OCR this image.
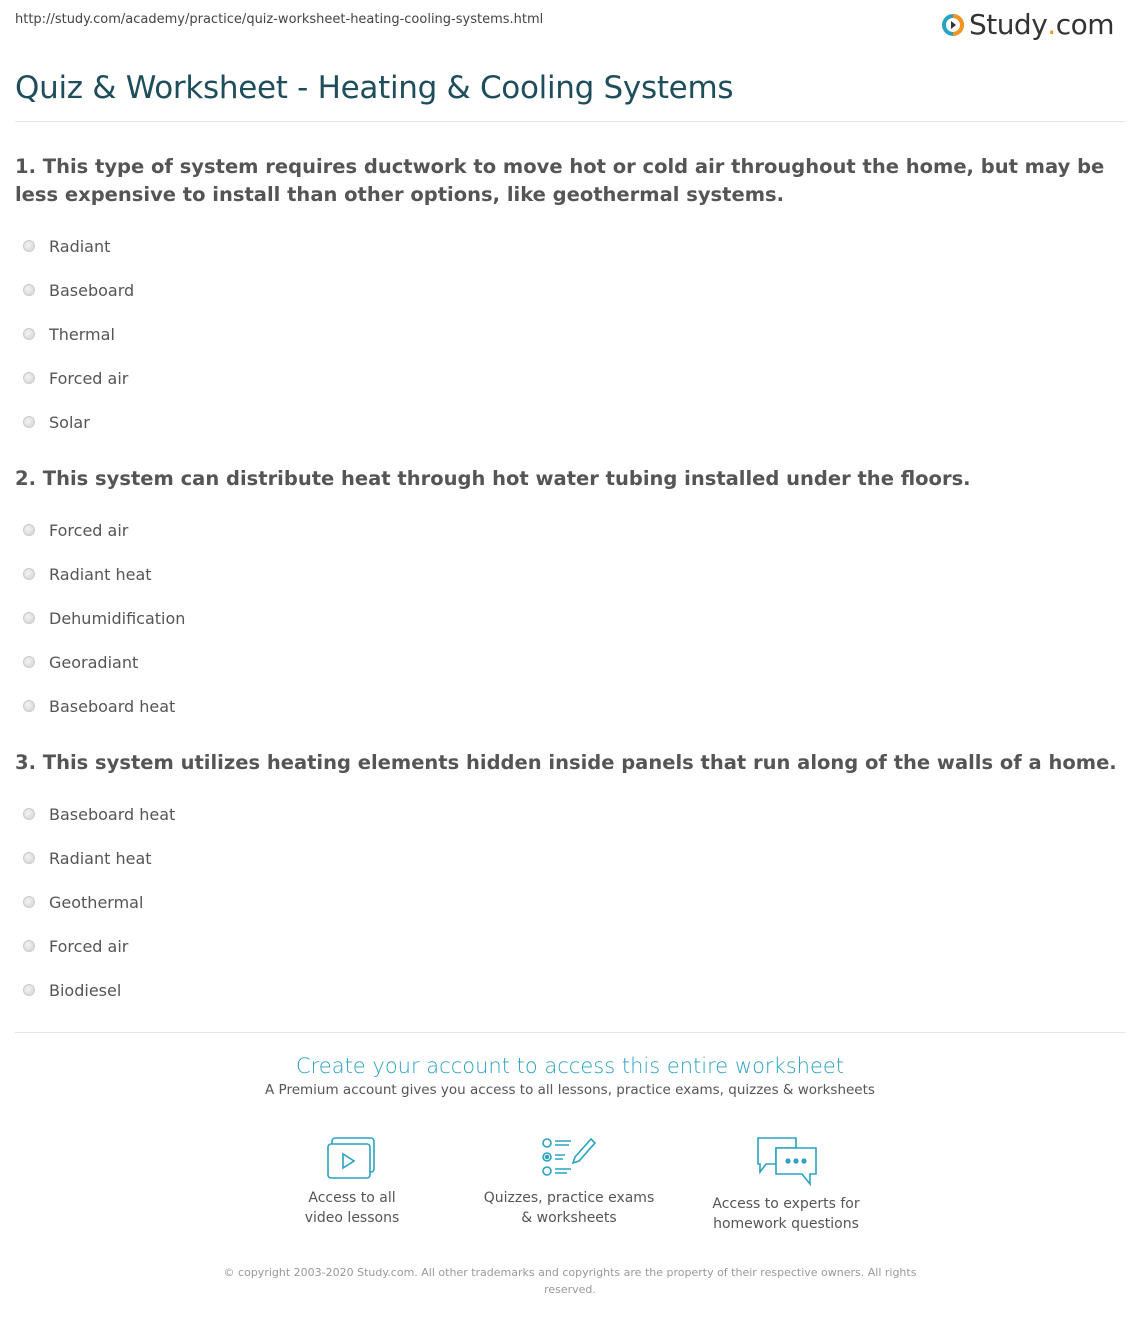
http://study.com/academy/practice/quiz-worksheet-heating-cooling-systems.html	Study . com
Quiz & Worksheet - Heating & Cooling Systems

1. This type of system requires ductwork to move hot or cold air throughout the home, but may be less expensive to install than other options, like geothermal systems.

Radiant
Baseboard
Thermal
Forced air
Solar

2. This system can distribute heat through hot water tubing installed under the floors.

Forced air
Radiant heat
Dehumidification
Georadiant
Baseboard heat

3. This system utilizes heating elements hidden inside panels that run along of the walls of a home.

Baseboard heat
Radiant heat
Geothermal
Forced air
Biodiesel
Create your account to access this entire worksheet
A Premium account gives you access to all lessons, practice exams, quizzes & worksheets
Access to all
video lessons
Quizzes, practice exams
& worksheets
Access to experts for
homework questions
© copyright 2003-2020 Study.com. All other trademarks and copyrights are the property of their respective owners. All rights reserved.
